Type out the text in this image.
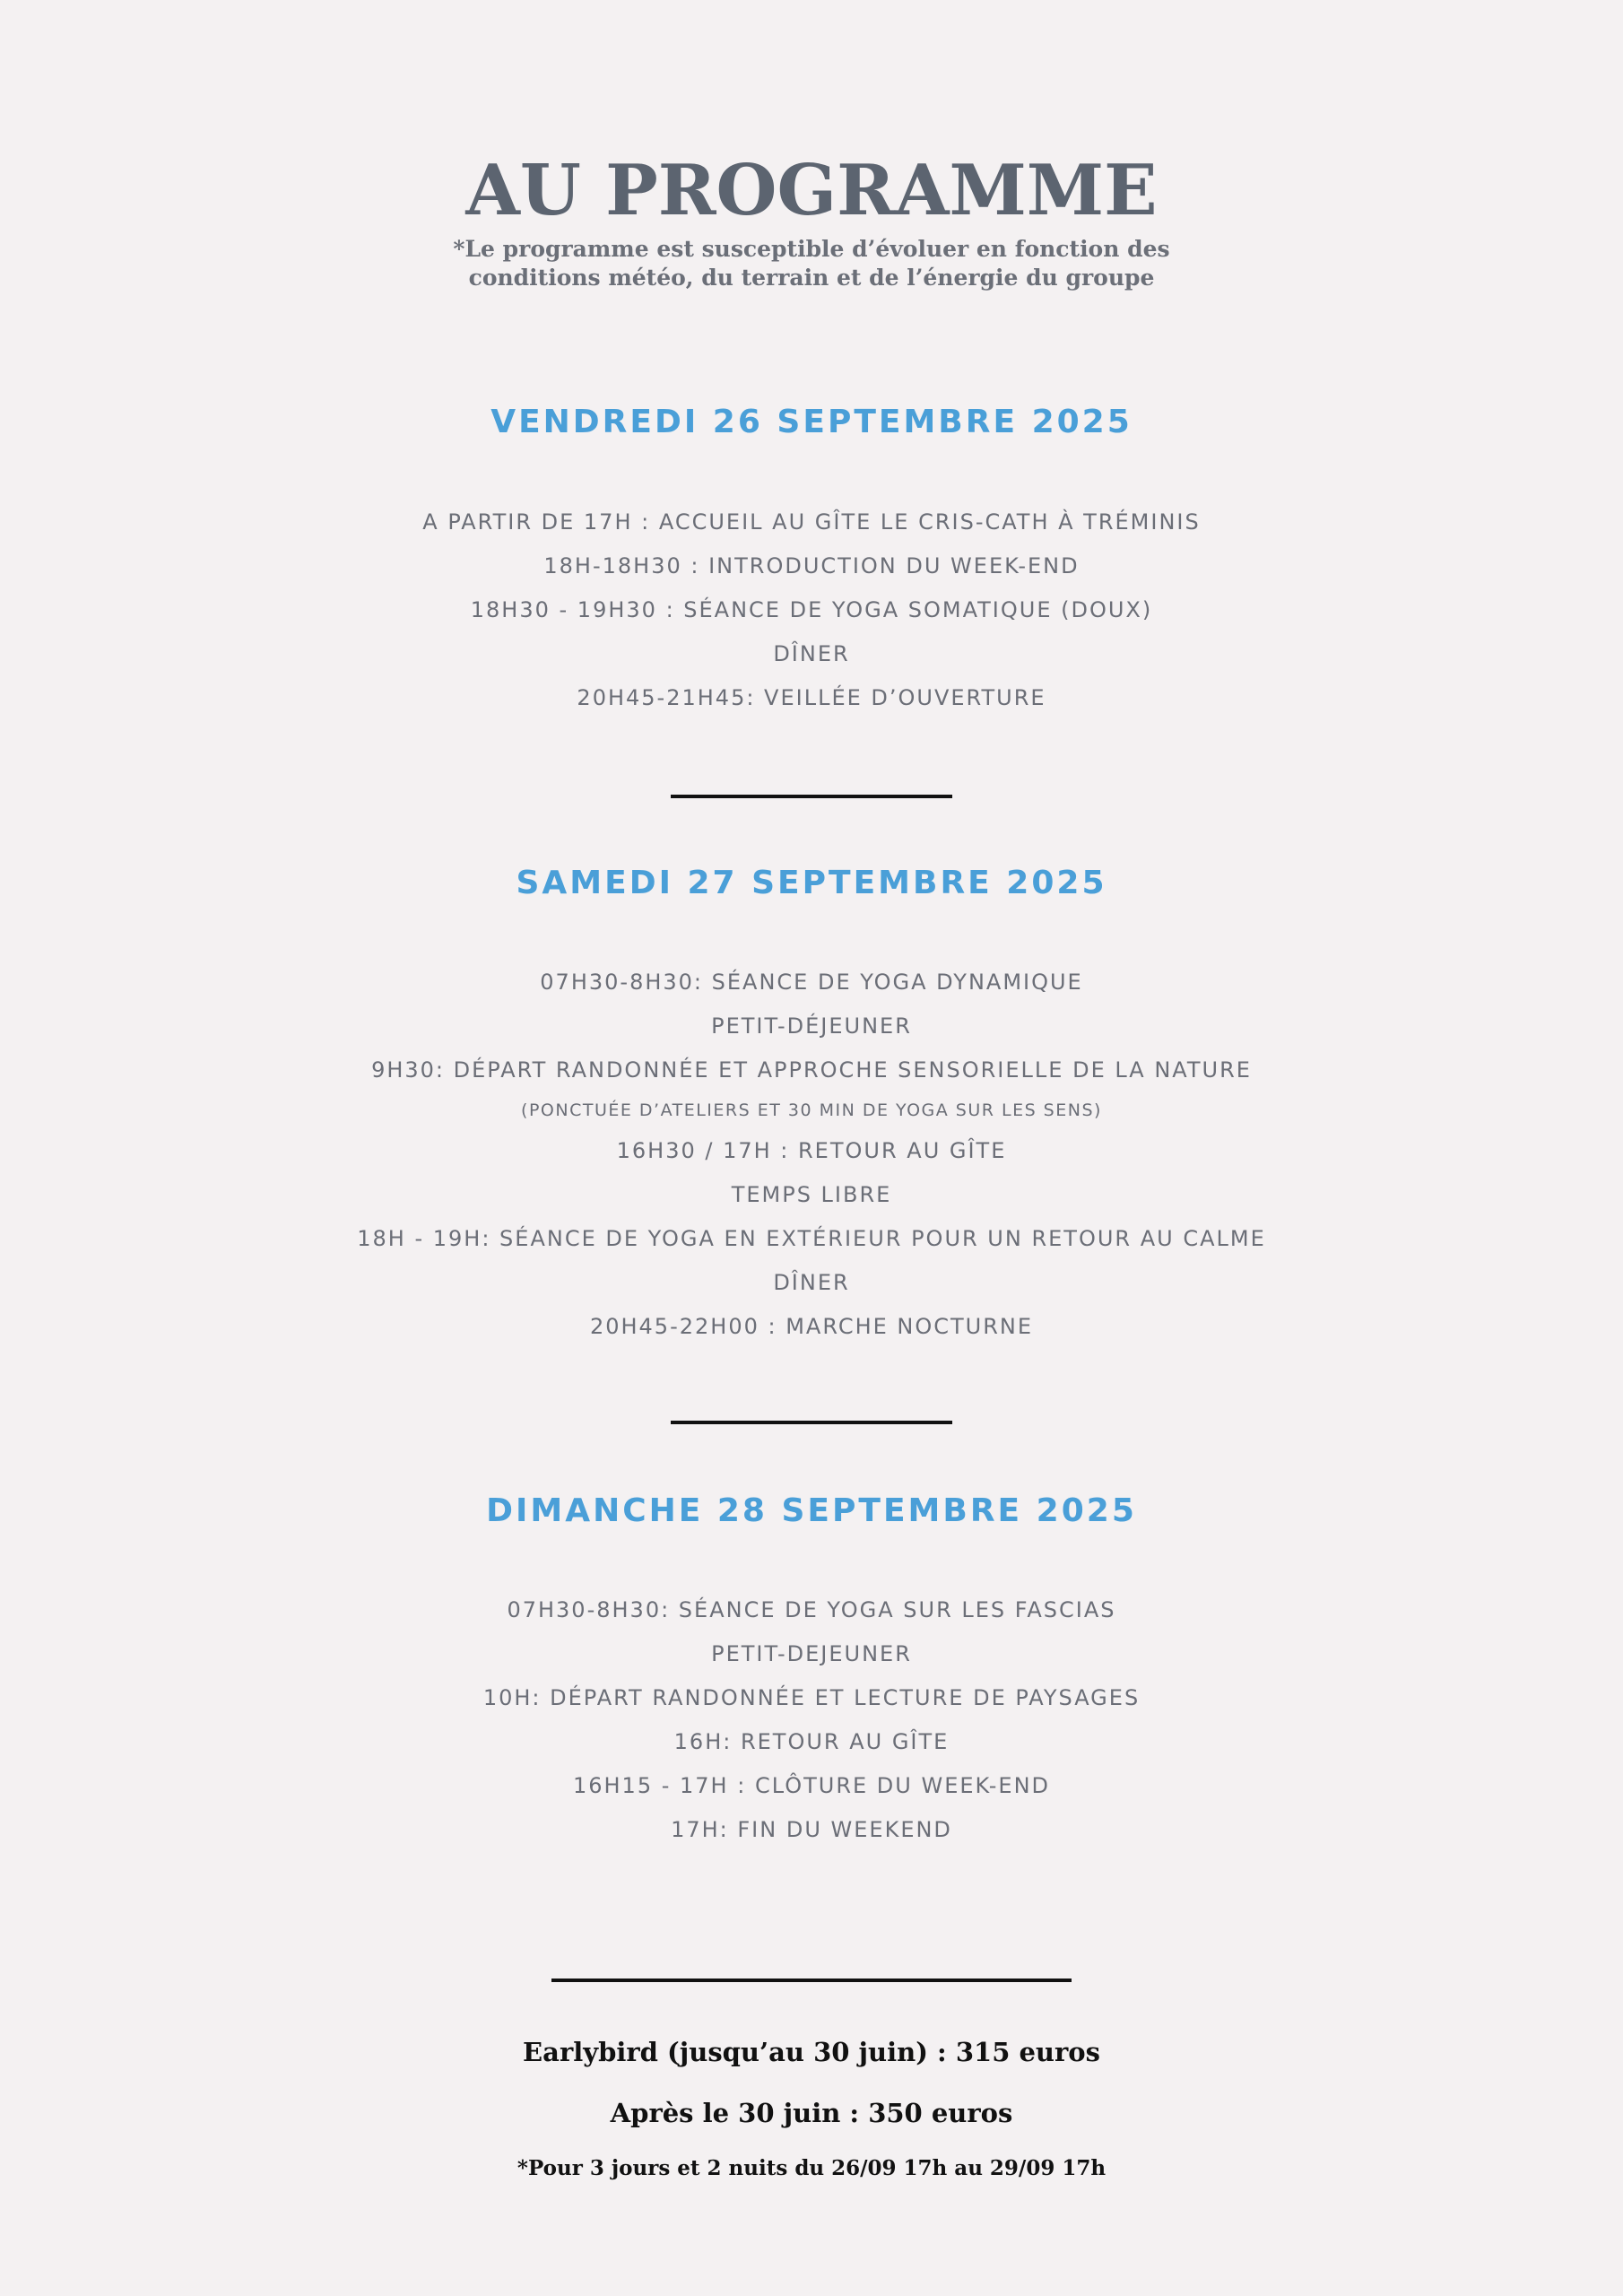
AU PROGRAMME
*Le programme est susceptible d’évoluer en fonction des
conditions météo, du terrain et de l’énergie du groupe
VENDREDI 26 SEPTEMBRE 2025
A PARTIR DE 17H : ACCUEIL AU GÎTE LE CRIS-CATH À TRÉMINIS
18H-18H30 : INTRODUCTION DU WEEK-END
18H30 - 19H30 : SÉANCE DE YOGA SOMATIQUE (DOUX)
DÎNER
20H45-21H45: VEILLÉE D’OUVERTURE
SAMEDI 27 SEPTEMBRE 2025
07H30-8H30: SÉANCE DE YOGA DYNAMIQUE
PETIT-DÉJEUNER
9H30: DÉPART RANDONNÉE ET APPROCHE SENSORIELLE DE LA NATURE
(PONCTUÉE D’ATELIERS ET 30 MIN DE YOGA SUR LES SENS)
16H30 / 17H : RETOUR AU GÎTE
TEMPS LIBRE
18H - 19H: SÉANCE DE YOGA EN EXTÉRIEUR POUR UN RETOUR AU CALME
DÎNER
20H45-22H00 : MARCHE NOCTURNE
DIMANCHE 28 SEPTEMBRE 2025
07H30-8H30: SÉANCE DE YOGA SUR LES FASCIAS
PETIT-DEJEUNER
10H: DÉPART RANDONNÉE ET LECTURE DE PAYSAGES
16H: RETOUR AU GÎTE
16H15 - 17H : CLÔTURE DU WEEK-END
17H: FIN DU WEEKEND

Earlybird (jusqu’au 30 juin) : 315 euros

Après le 30 juin : 350 euros

*Pour 3 jours et 2 nuits du 26/09 17h au 29/09 17h
